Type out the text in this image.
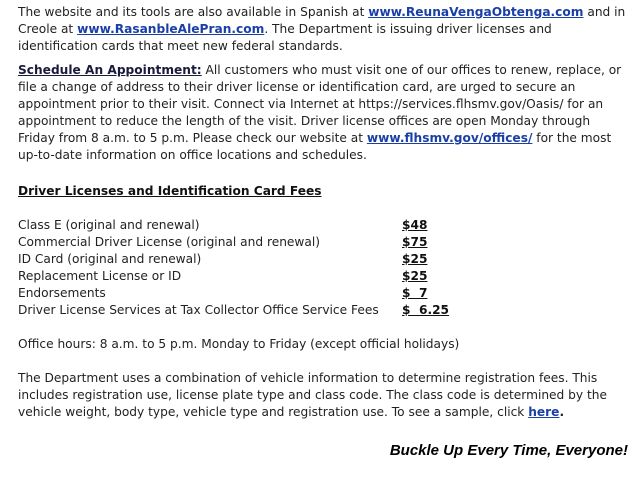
The website and its tools are also available in Spanish at www.ReunaVengaObtenga.com and in Creole at www.RasanbleAlePran.com. The Department is issuing driver licenses and identification cards that meet new federal standards.

Schedule An Appointment: All customers who must visit one of our offices to renew, replace, or file a change of address to their driver license or identification card, are urged to secure an appointment prior to their visit. Connect via Internet at https://services.flhsmv.gov/Oasis/ for an appointment to reduce the length of the visit. Driver license offices are open Monday through Friday from 8 a.m. to 5 p.m. Please check our website at www.flhsmv.gov/offices/ for the most up-to-date information on office locations and schedules.

Driver Licenses and Identification Card Fees

Class E (original and renewal)	$48
Commercial Driver License (original and renewal)	$75
ID Card (original and renewal)	$25
Replacement License or ID	$25
Endorsements	$  7
Driver License Services at Tax Collector Office Service Fees $  6.25

Office hours: 8 a.m. to 5 p.m. Monday to Friday (except official holidays)

The Department uses a combination of vehicle information to determine registration fees. This includes registration use, license plate type and class code. The class code is determined by the vehicle weight, body type, vehicle type and registration use. To see a sample, click here.

Buckle Up Every Time, Everyone!
